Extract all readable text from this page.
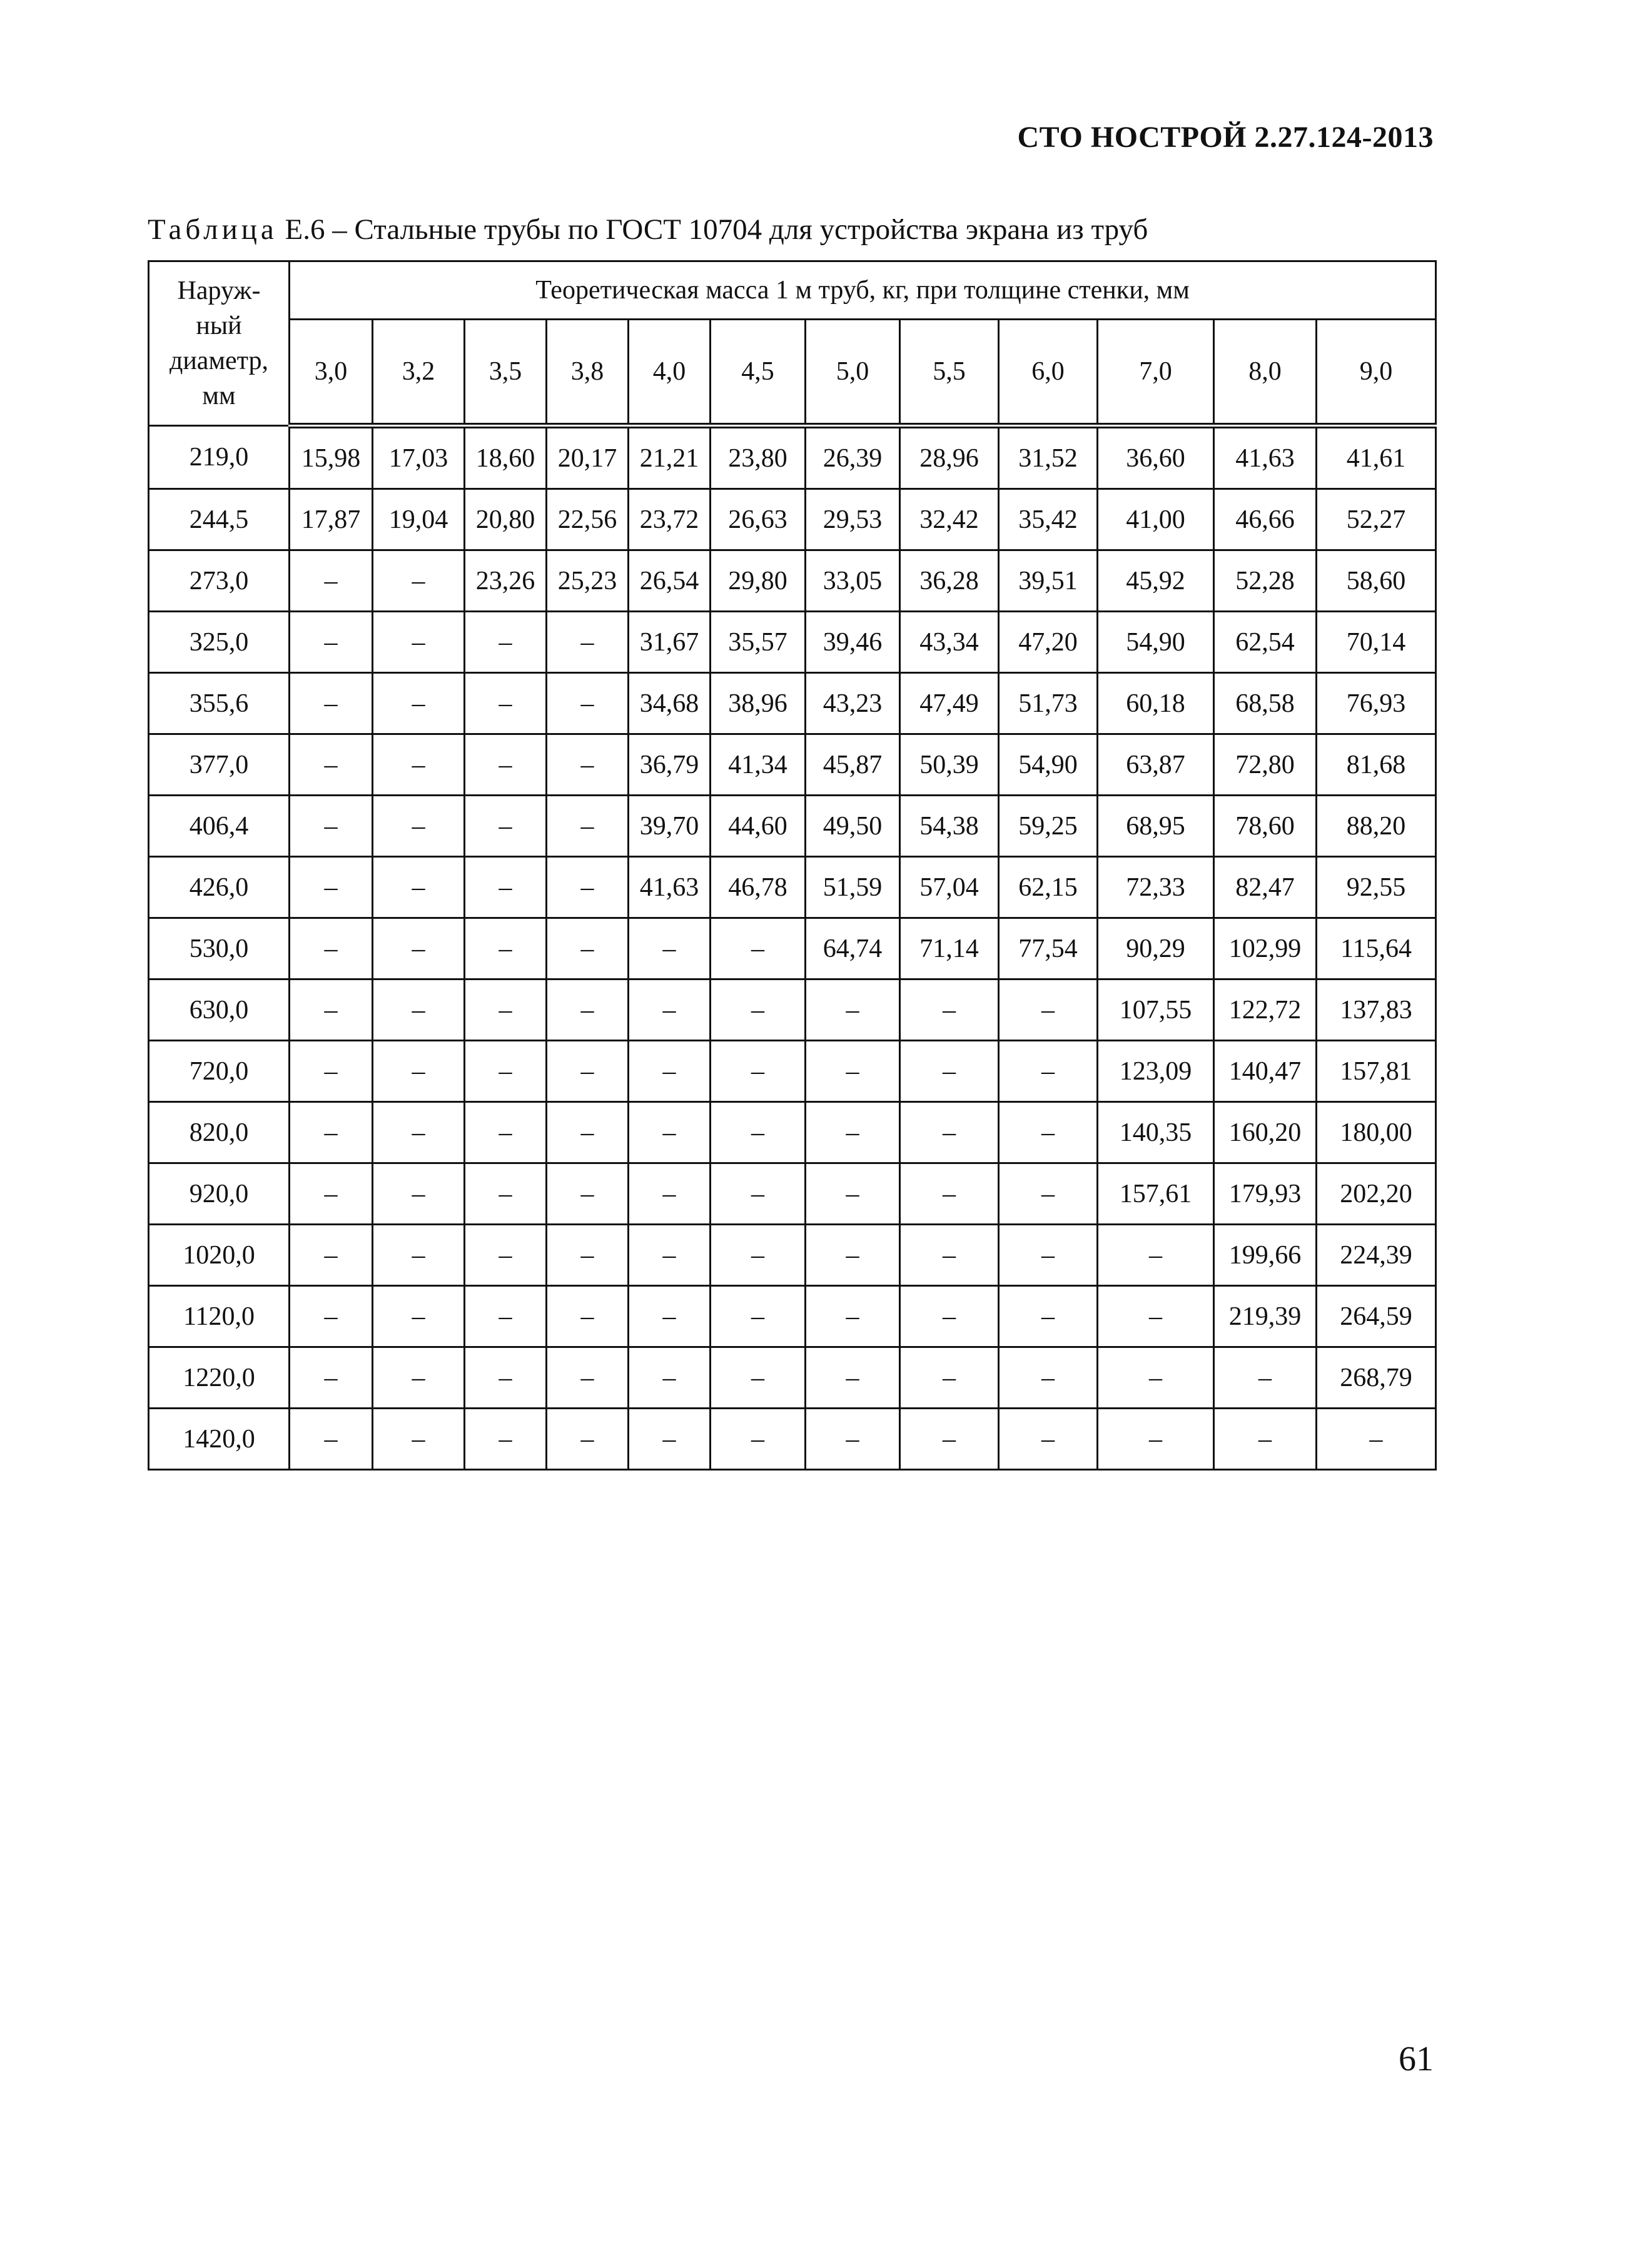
СТО НОСТРОЙ 2.27.124-2013
Таблица Е.6 – Стальные трубы по ГОСТ 10704 для устройства экрана из труб
Наруж-
ный
диаметр,
мм	Теоретическая масса 1 м труб, кг, при толщине стенки, мм											
	3,0	3,2	3,5	3,8	4,0	4,5	5,0	5,5	6,0	7,0	8,0	9,0
219,0	15,98	17,03	18,60	20,17	21,21	23,80	26,39	28,96	31,52	36,60	41,63	41,61
244,5	17,87	19,04	20,80	22,56	23,72	26,63	29,53	32,42	35,42	41,00	46,66	52,27
273,0	–	–	23,26	25,23	26,54	29,80	33,05	36,28	39,51	45,92	52,28	58,60
325,0	–	–	–	–	31,67	35,57	39,46	43,34	47,20	54,90	62,54	70,14
355,6	–	–	–	–	34,68	38,96	43,23	47,49	51,73	60,18	68,58	76,93
377,0	–	–	–	–	36,79	41,34	45,87	50,39	54,90	63,87	72,80	81,68
406,4	–	–	–	–	39,70	44,60	49,50	54,38	59,25	68,95	78,60	88,20
426,0	–	–	–	–	41,63	46,78	51,59	57,04	62,15	72,33	82,47	92,55
530,0	–	–	–	–	–	–	64,74	71,14	77,54	90,29	102,99	115,64
630,0	–	–	–	–	–	–	–	–	–	107,55	122,72	137,83
720,0	–	–	–	–	–	–	–	–	–	123,09	140,47	157,81
820,0	–	–	–	–	–	–	–	–	–	140,35	160,20	180,00
920,0	–	–	–	–	–	–	–	–	–	157,61	179,93	202,20
1020,0	–	–	–	–	–	–	–	–	–	–	199,66	224,39
1120,0	–	–	–	–	–	–	–	–	–	–	219,39	264,59
1220,0	–	–	–	–	–	–	–	–	–	–	–	268,79
1420,0	–	–	–	–	–	–	–	–	–	–	–	–
61
